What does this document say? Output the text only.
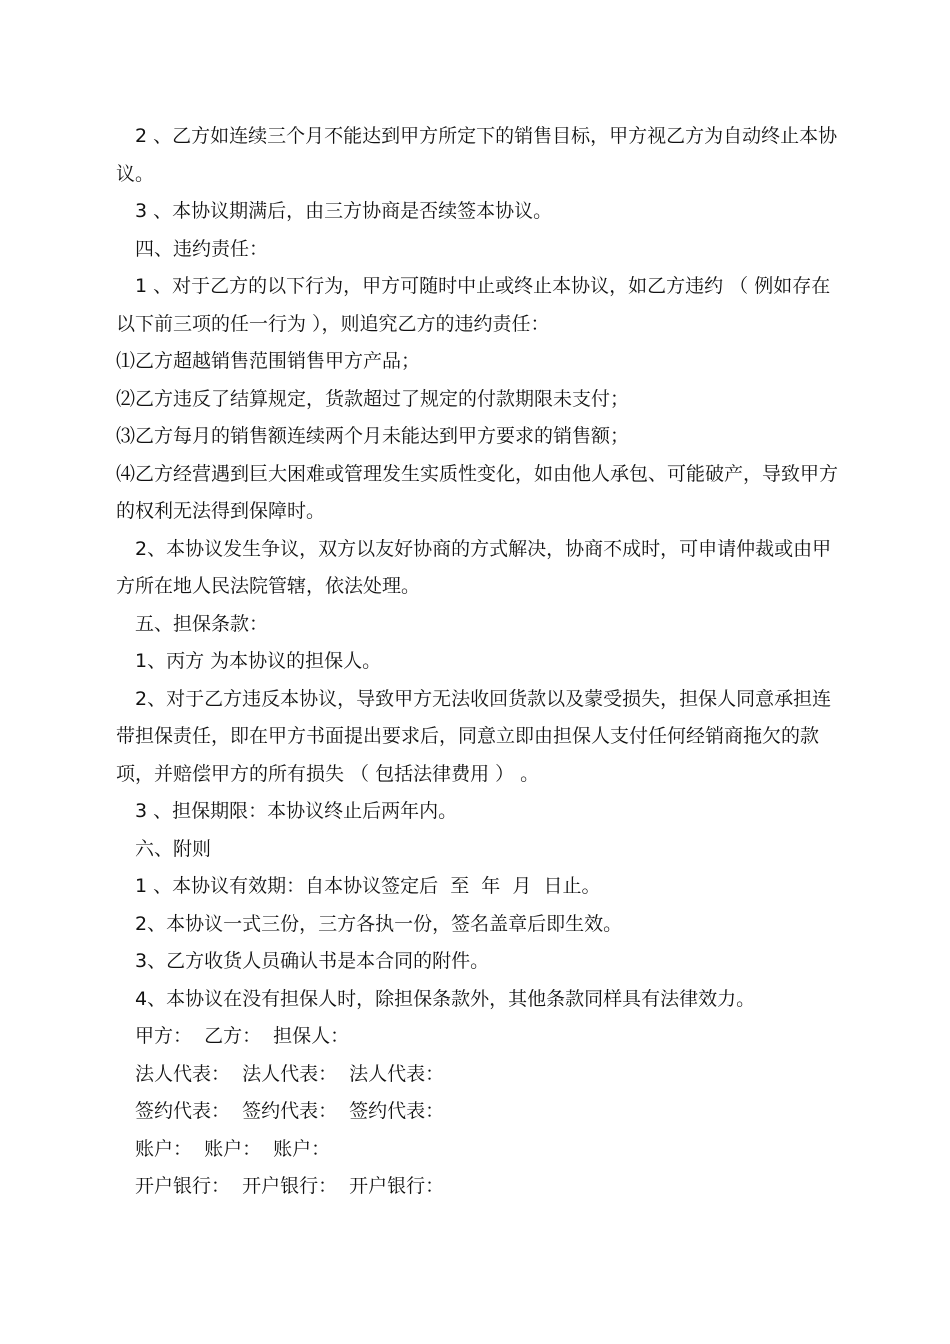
2 、乙方如连续三个月不能达到甲方所定下的销售目标，甲方视乙方为自动终止本协议。

3 、本协议期满后，由三方协商是否续签本协议。

四、违约责任：

1 、对于乙方的以下行为，甲方可随时中止或终止本协议，如乙方违约 （ 例如存在以下前三项的任一行为 ），则追究乙方的违约责任：

⑴乙方超越销售范围销售甲方产品；

⑵乙方违反了结算规定，货款超过了规定的付款期限未支付；

⑶乙方每月的销售额连续两个月未能达到甲方要求的销售额；

⑷乙方经营遇到巨大困难或管理发生实质性变化，如由他人承包、可能破产，导致甲方的权利无法得到保障时。

2、本协议发生争议，双方以友好协商的方式解决，协商不成时，可申请仲裁或由甲方所在地人民法院管辖，依法处理。

五、担保条款：

1、丙方 为本协议的担保人。

2、对于乙方违反本协议，导致甲方无法收回货款以及蒙受损失，担保人同意承担连带担保责任，即在甲方书面提出要求后，同意立即由担保人支付任何经销商拖欠的款项，并赔偿甲方的所有损失 （ 包括法律费用 ） 。

3 、担保期限：本协议终止后两年内。

六、附则

1 、本协议有效期：自本协议签定后  至  年  月  日止。

2、本协议一式三份，三方各执一份，签名盖章后即生效。

3、乙方收货人员确认书是本合同的附件。

4、本协议在没有担保人时，除担保条款外，其他条款同样具有法律效力。

甲方：  乙方：  担保人：

法人代表：  法人代表：  法人代表：

签约代表：  签约代表：  签约代表：

账户：  账户：  账户：

开户银行：  开户银行：  开户银行：
